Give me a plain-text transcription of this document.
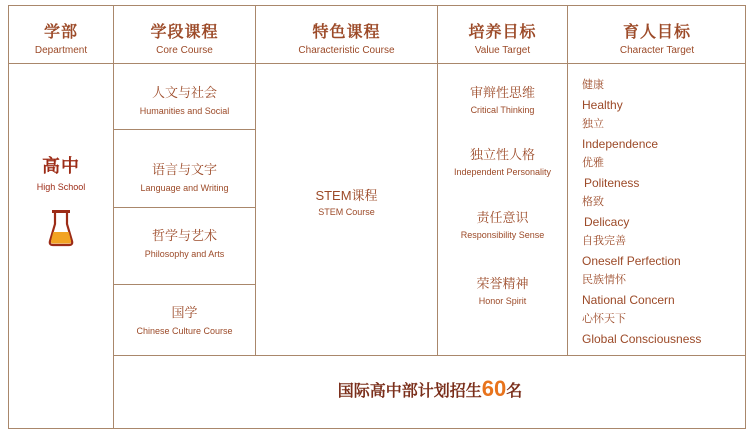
学部
Department
学段课程
Core Course
特色课程
Characteristic Course
培养目标
Value Target
育人目标
Character Target
高中
High School
人文与社会
Humanities and Social
语言与文字
Language and Writing
哲学与艺术
Philosophy and Arts
国学
Chinese Culture Course
STEM课程
STEM Course
审辩性思维
Critical Thinking
独立性人格
Independent Personality
责任意识
Responsibility Sense
荣誉精神
Honor Spirit
健康
Healthy
独立
Independence
优雅
Politeness
格致
Delicacy
自我完善
Oneself Perfection
民族情怀
National Concern
心怀天下
Global Consciousness
国际高中部计划招生60名
